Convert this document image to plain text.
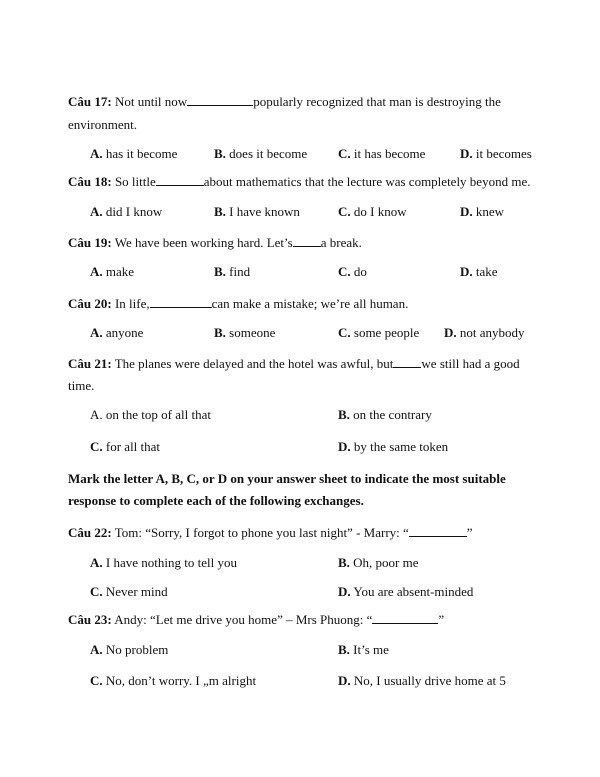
Câu 17: Not until now	popularly recognized that man is destroying the
environment.
A. has it become	B. does it become C. it has become	D. it becomes
Câu 18: So little	about mathematics that the lecture was completely beyond me.
A. did I know	B. I have known	C. do I know	D. knew
Câu 19: We have been working hard. Let’s a break.
A. make	B. find	C. do	D. take
Câu 20: In life,	can make a mistake; we’re all human.
A. anyone	B. someone	C. some people D. not anybody
Câu 21: The planes were delayed and the hotel was awful, but we still had a good
time.
A. on the top of all that	B. on the contrary
C. for all that	D. by the same token
Mark the letter A, B, C, or D on your answer sheet to indicate the most suitable
response to complete each of the following exchanges.
Câu 22: Tom: “Sorry, I forgot to phone you last night” - Marry: “	”
A. I have nothing to tell you	B. Oh, poor me
C. Never mind	D. You are absent-minded
Câu 23: Andy: “Let me drive you home” – Mrs Phuong: “	”
A. No problem	B. It’s me
C. No, don’t worry. I „m alright	D. No, I usually drive home at 5
